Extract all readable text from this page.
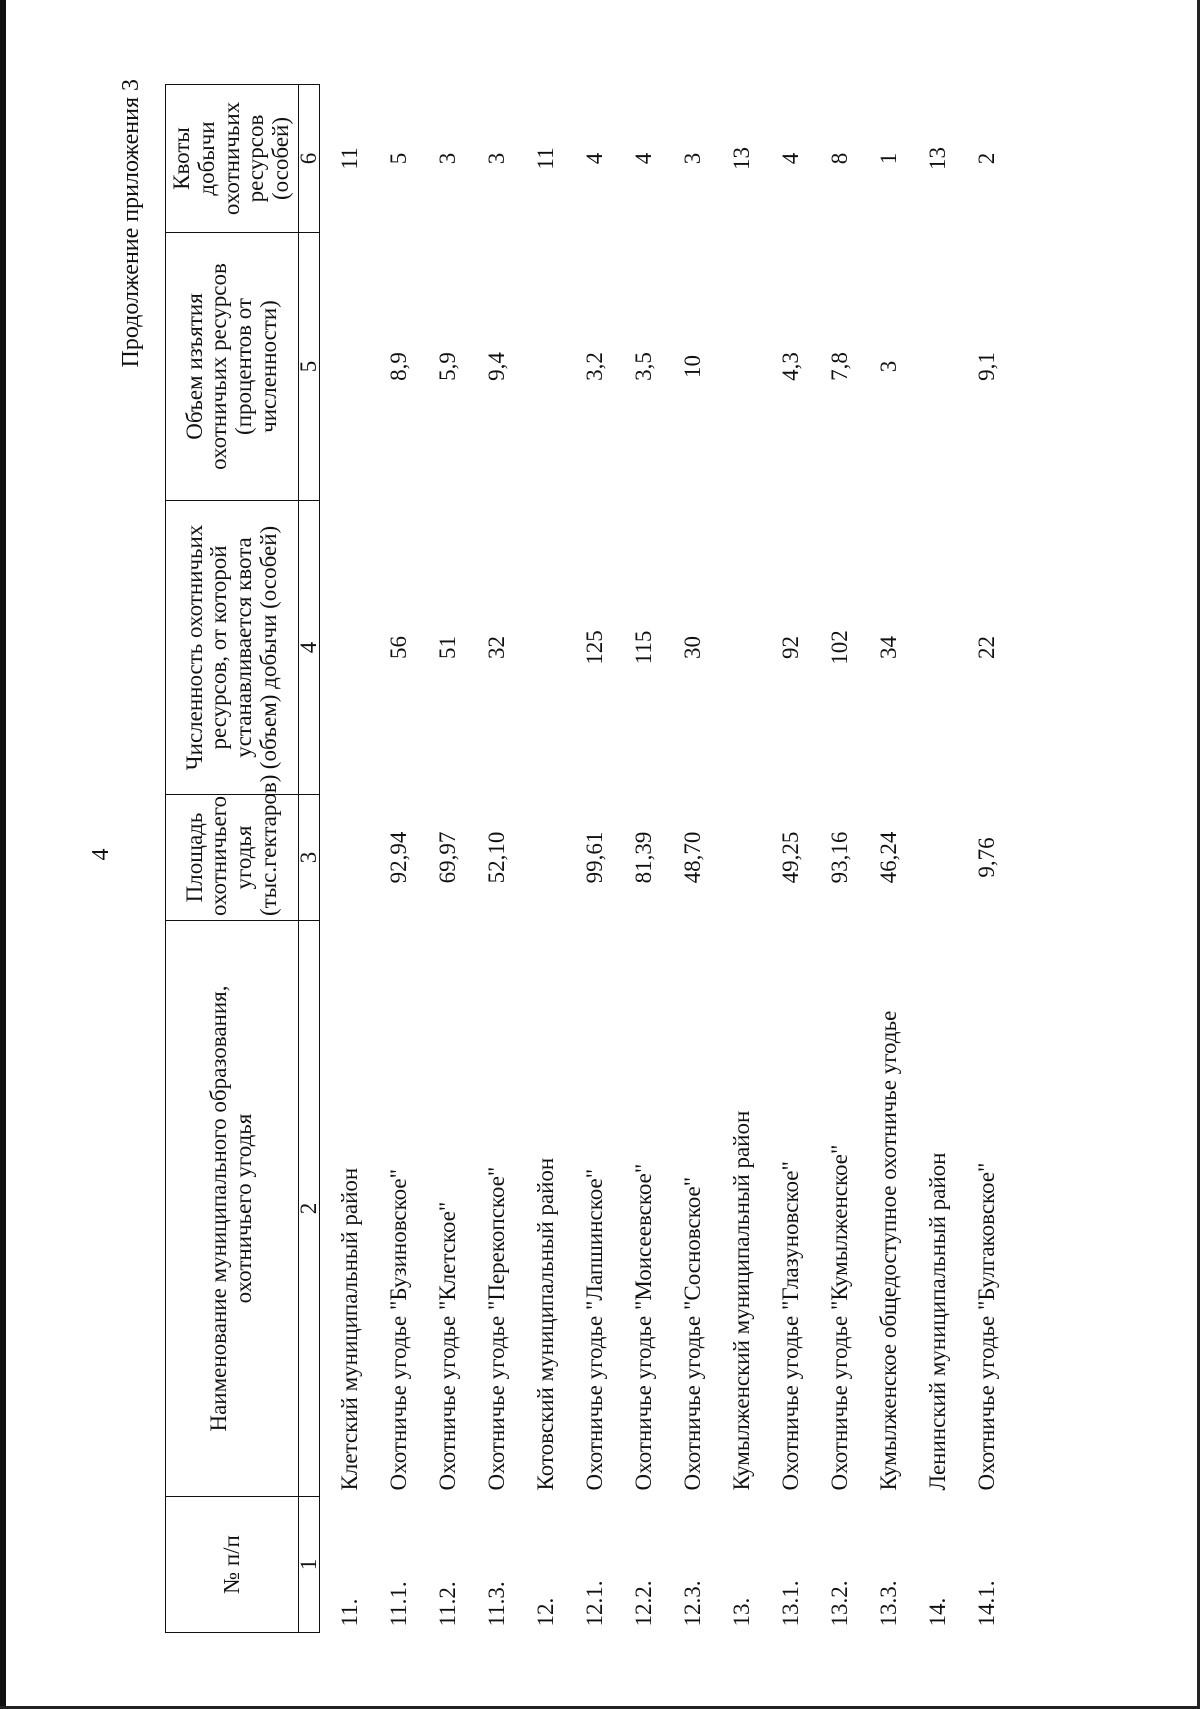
4
Продолжение приложения 3
№ п/п	Наименование муниципального образования, охотничьего угодья	Площадь охотничьего угодья (тыс.гектаров)	Численность охотничьих ресурсов, от которой устанавливается квота (объем) добычи (особей)	Объем изъятия охотничьих ресурсов (процентов от численности)	Квоты добычи охотничьих ресурсов (особей)
1	2	3	4	5	6
11.	Клетский муниципальный район				11
11.1.	Охотничье угодье "Бузиновское"	92,94	56	8,9	5
11.2.	Охотничье угодье "Клетское"	69,97	51	5,9	3
11.3.	Охотничье угодье "Перекопское"	52,10	32	9,4	3
12.	Котовский муниципальный район				11
12.1.	Охотничье угодье "Лапшинское"	99,61	125	3,2	4
12.2.	Охотничье угодье "Моисеевское"	81,39	115	3,5	4
12.3.	Охотничье угодье "Сосновское"	48,70	30	10	3
13.	Кумылженский муниципальный район				13
13.1.	Охотничье угодье "Глазуновское"	49,25	92	4,3	4
13.2.	Охотничье угодье "Кумылженское"	93,16	102	7,8	8
13.3.	Кумылженское общедоступное охотничье угодье	46,24	34	3	1
14.	Ленинский муниципальный район				13
14.1.	Охотничье угодье "Булгаковское"	9,76	22	9,1	2
